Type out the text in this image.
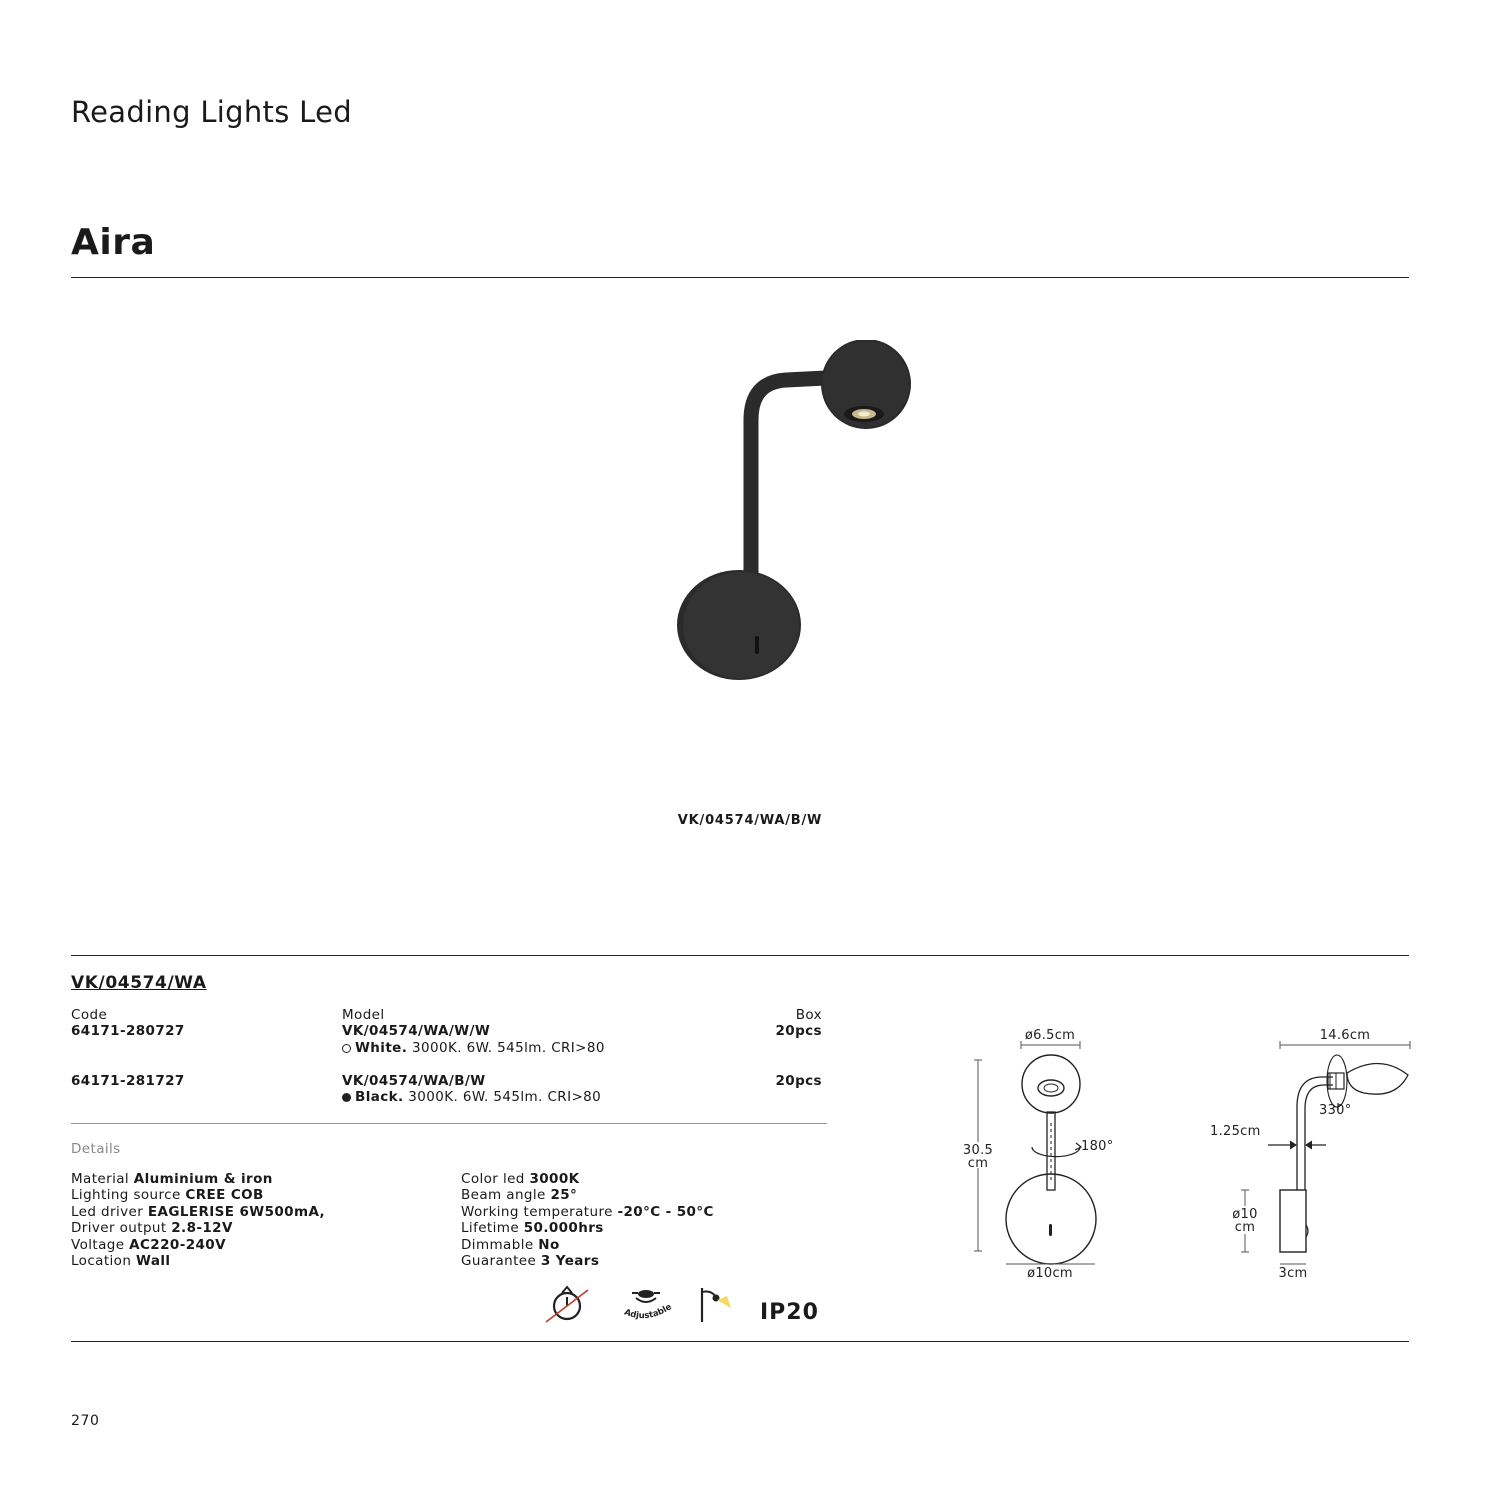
Reading Lights Led
Aira
VK/04574/WA/B/W
VK/04574/WA
Code	Model	Box
64171-280727	VK/04574/WA/W/W	20pcs
White. 3000K. 6W. 545lm. CRI>80
64171-281727	VK/04574/WA/B/W	20pcs
Black. 3000K. 6W. 545lm. CRI>80
Details
Material Aluminium & iron
Lighting source CREE COB
Led driver EAGLERISE 6W500mA,
Driver output 2.8-12V
Voltage AC220-240V
Location Wall
Color led 3000K
Beam angle 25°
Working temperature -20°C - 50°C
Lifetime 50.000hrs
Dimmable No
Guarantee 3 Years
Adjustable	IP20
ø6.5cm
180°
30.5
cm
ø10cm
14.6cm
330°
1.25cm
ø10
cm
3cm
270
